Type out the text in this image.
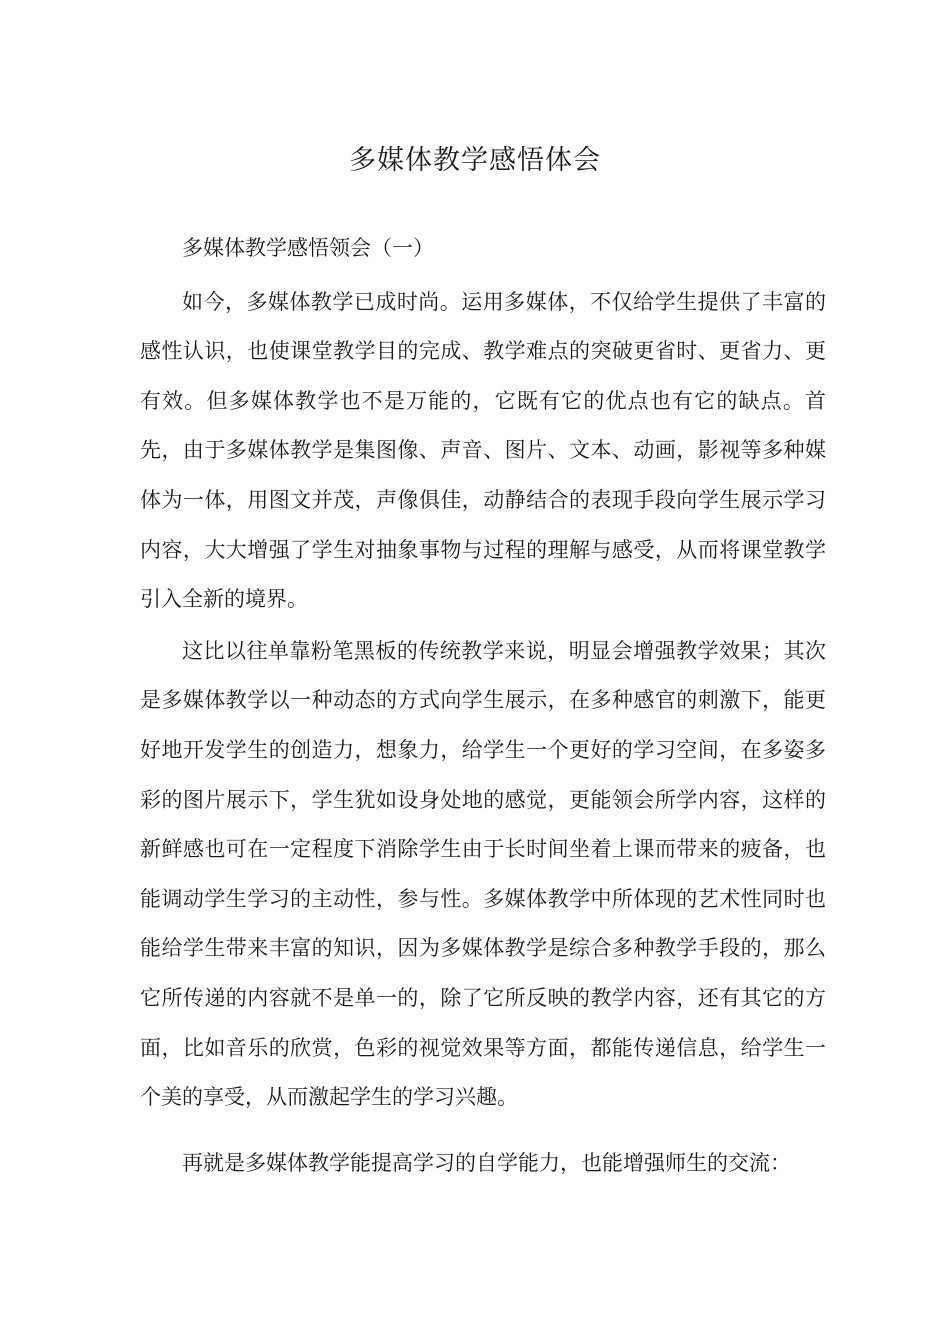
多媒体教学感悟体会

多媒体教学感悟领会（一）

如今，多媒体教学已成时尚。运用多媒体，不仅给学生提供了丰富的感性认识，也使课堂教学目的完成、教学难点的突破更省时、更省力、更有效。但多媒体教学也不是万能的，它既有它的优点也有它的缺点。首先，由于多媒体教学是集图像、声音、图片、文本、动画，影视等多种媒体为一体，用图文并茂，声像俱佳，动静结合的表现手段向学生展示学习内容，大大增强了学生对抽象事物与过程的理解与感受，从而将课堂教学引入全新的境界。

这比以往单靠粉笔黑板的传统教学来说，明显会增强教学效果；其次是多媒体教学以一种动态的方式向学生展示，在多种感官的刺激下，能更好地开发学生的创造力，想象力，给学生一个更好的学习空间，在多姿多彩的图片展示下，学生犹如设身处地的感觉，更能领会所学内容，这样的新鲜感也可在一定程度下消除学生由于长时间坐着上课而带来的疲备，也能调动学生学习的主动性，参与性。多媒体教学中所体现的艺术性同时也能给学生带来丰富的知识，因为多媒体教学是综合多种教学手段的，那么它所传递的内容就不是单一的，除了它所反映的教学内容，还有其它的方面，比如音乐的欣赏，色彩的视觉效果等方面，都能传递信息，给学生一个美的享受，从而激起学生的学习兴趣。

再就是多媒体教学能提高学习的自学能力，也能增强师生的交流：
